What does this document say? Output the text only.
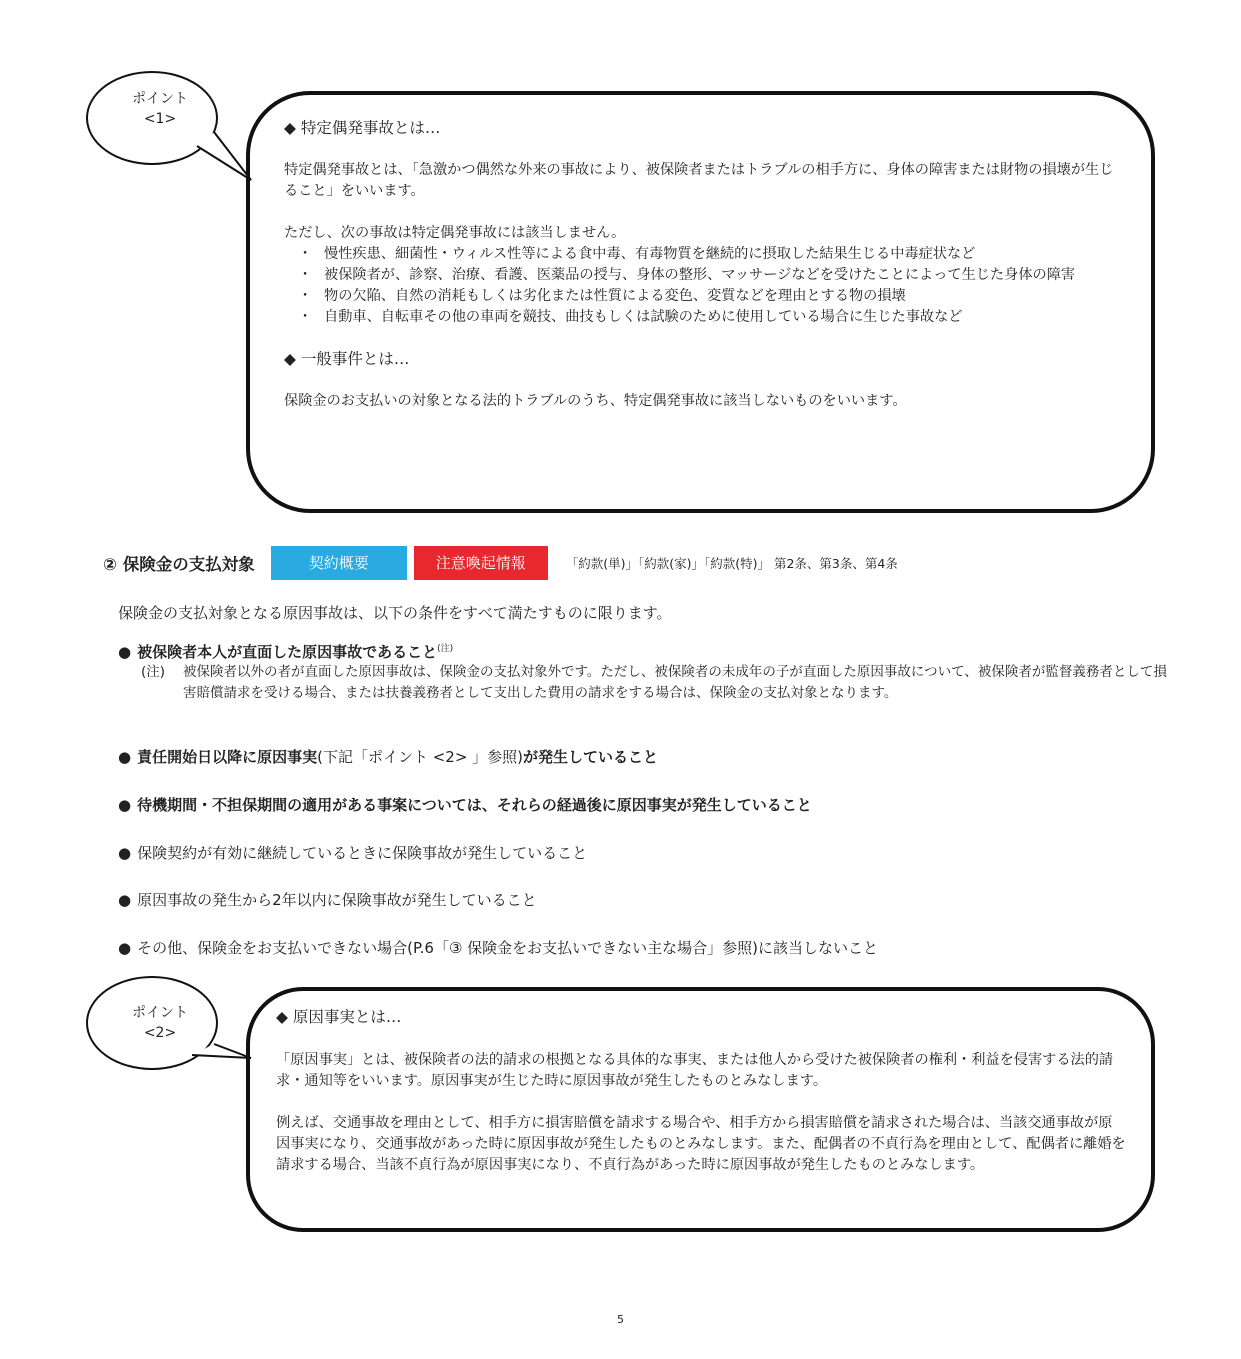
ポイント
<1>	◆ 特定偶発事故とは…

特定偶発事故とは、「急激かつ偶然な外来の事故により、被保険者またはトラブルの相手方に、身体の障害または財物の損壊が生じること」をいいます。

ただし、次の事故は特定偶発事故には該当しません。

・ 慢性疾患、細菌性・ウィルス性等による食中毒、有毒物質を継続的に摂取した結果生じる中毒症状など
・ 被保険者が、診察、治療、看護、医薬品の授与、身体の整形、マッサージなどを受けたことによって生じた身体の障害
・ 物の欠陥、自然の消耗もしくは劣化または性質による変色、変質などを理由とする物の損壊
・ 自動車、自転車その他の車両を競技、曲技もしくは試験のために使用している場合に生じた事故など

◆ 一般事件とは…

保険金のお支払いの対象となる法的トラブルのうち、特定偶発事故に該当しないものをいいます。

② 保険金の支払対象	契約概要	注意喚起情報	「約款(単)」「約款(家)」「約款(特)」 第2条、第3条、第4条

保険金の支払対象となる原因事故は、以下の条件をすべて満たすものに限ります。

● 被保険者本人が直面した原因事故であること$^{(注)}$
(注)	被保険者以外の者が直面した原因事故は、保険金の支払対象外です。ただし、被保険者の未成年の子が直面した原因事故について、被保険者が監督義務者として損害賠償請求を受ける場合、または扶養義務者として支出した費用の請求をする場合は、保険金の支払対象となります。
● 責任開始日以降に原因事実(下記「ポイント <2> 」参照)が発生していること
● 待機期間・不担保期間の適用がある事案については、それらの経過後に原因事実が発生していること
● 保険契約が有効に継続しているときに保険事故が発生していること
● 原因事故の発生から2年以内に保険事故が発生していること
● その他、保険金をお支払いできない場合(P.6「③ 保険金をお支払いできない主な場合」参照)に該当しないこと
ポイント
<2>

◆ 原因事実とは…

「原因事実」とは、被保険者の法的請求の根拠となる具体的な事実、または他人から受けた被保険者の権利・利益を侵害する法的請求・通知等をいいます。原因事実が生じた時に原因事故が発生したものとみなします。

例えば、交通事故を理由として、相手方に損害賠償を請求する場合や、相手方から損害賠償を請求された場合は、当該交通事故が原因事実になり、交通事故があった時に原因事故が発生したものとみなします。また、配偶者の不貞行為を理由として、配偶者に離婚を請求する場合、当該不貞行為が原因事実になり、不貞行為があった時に原因事故が発生したものとみなします。

5
